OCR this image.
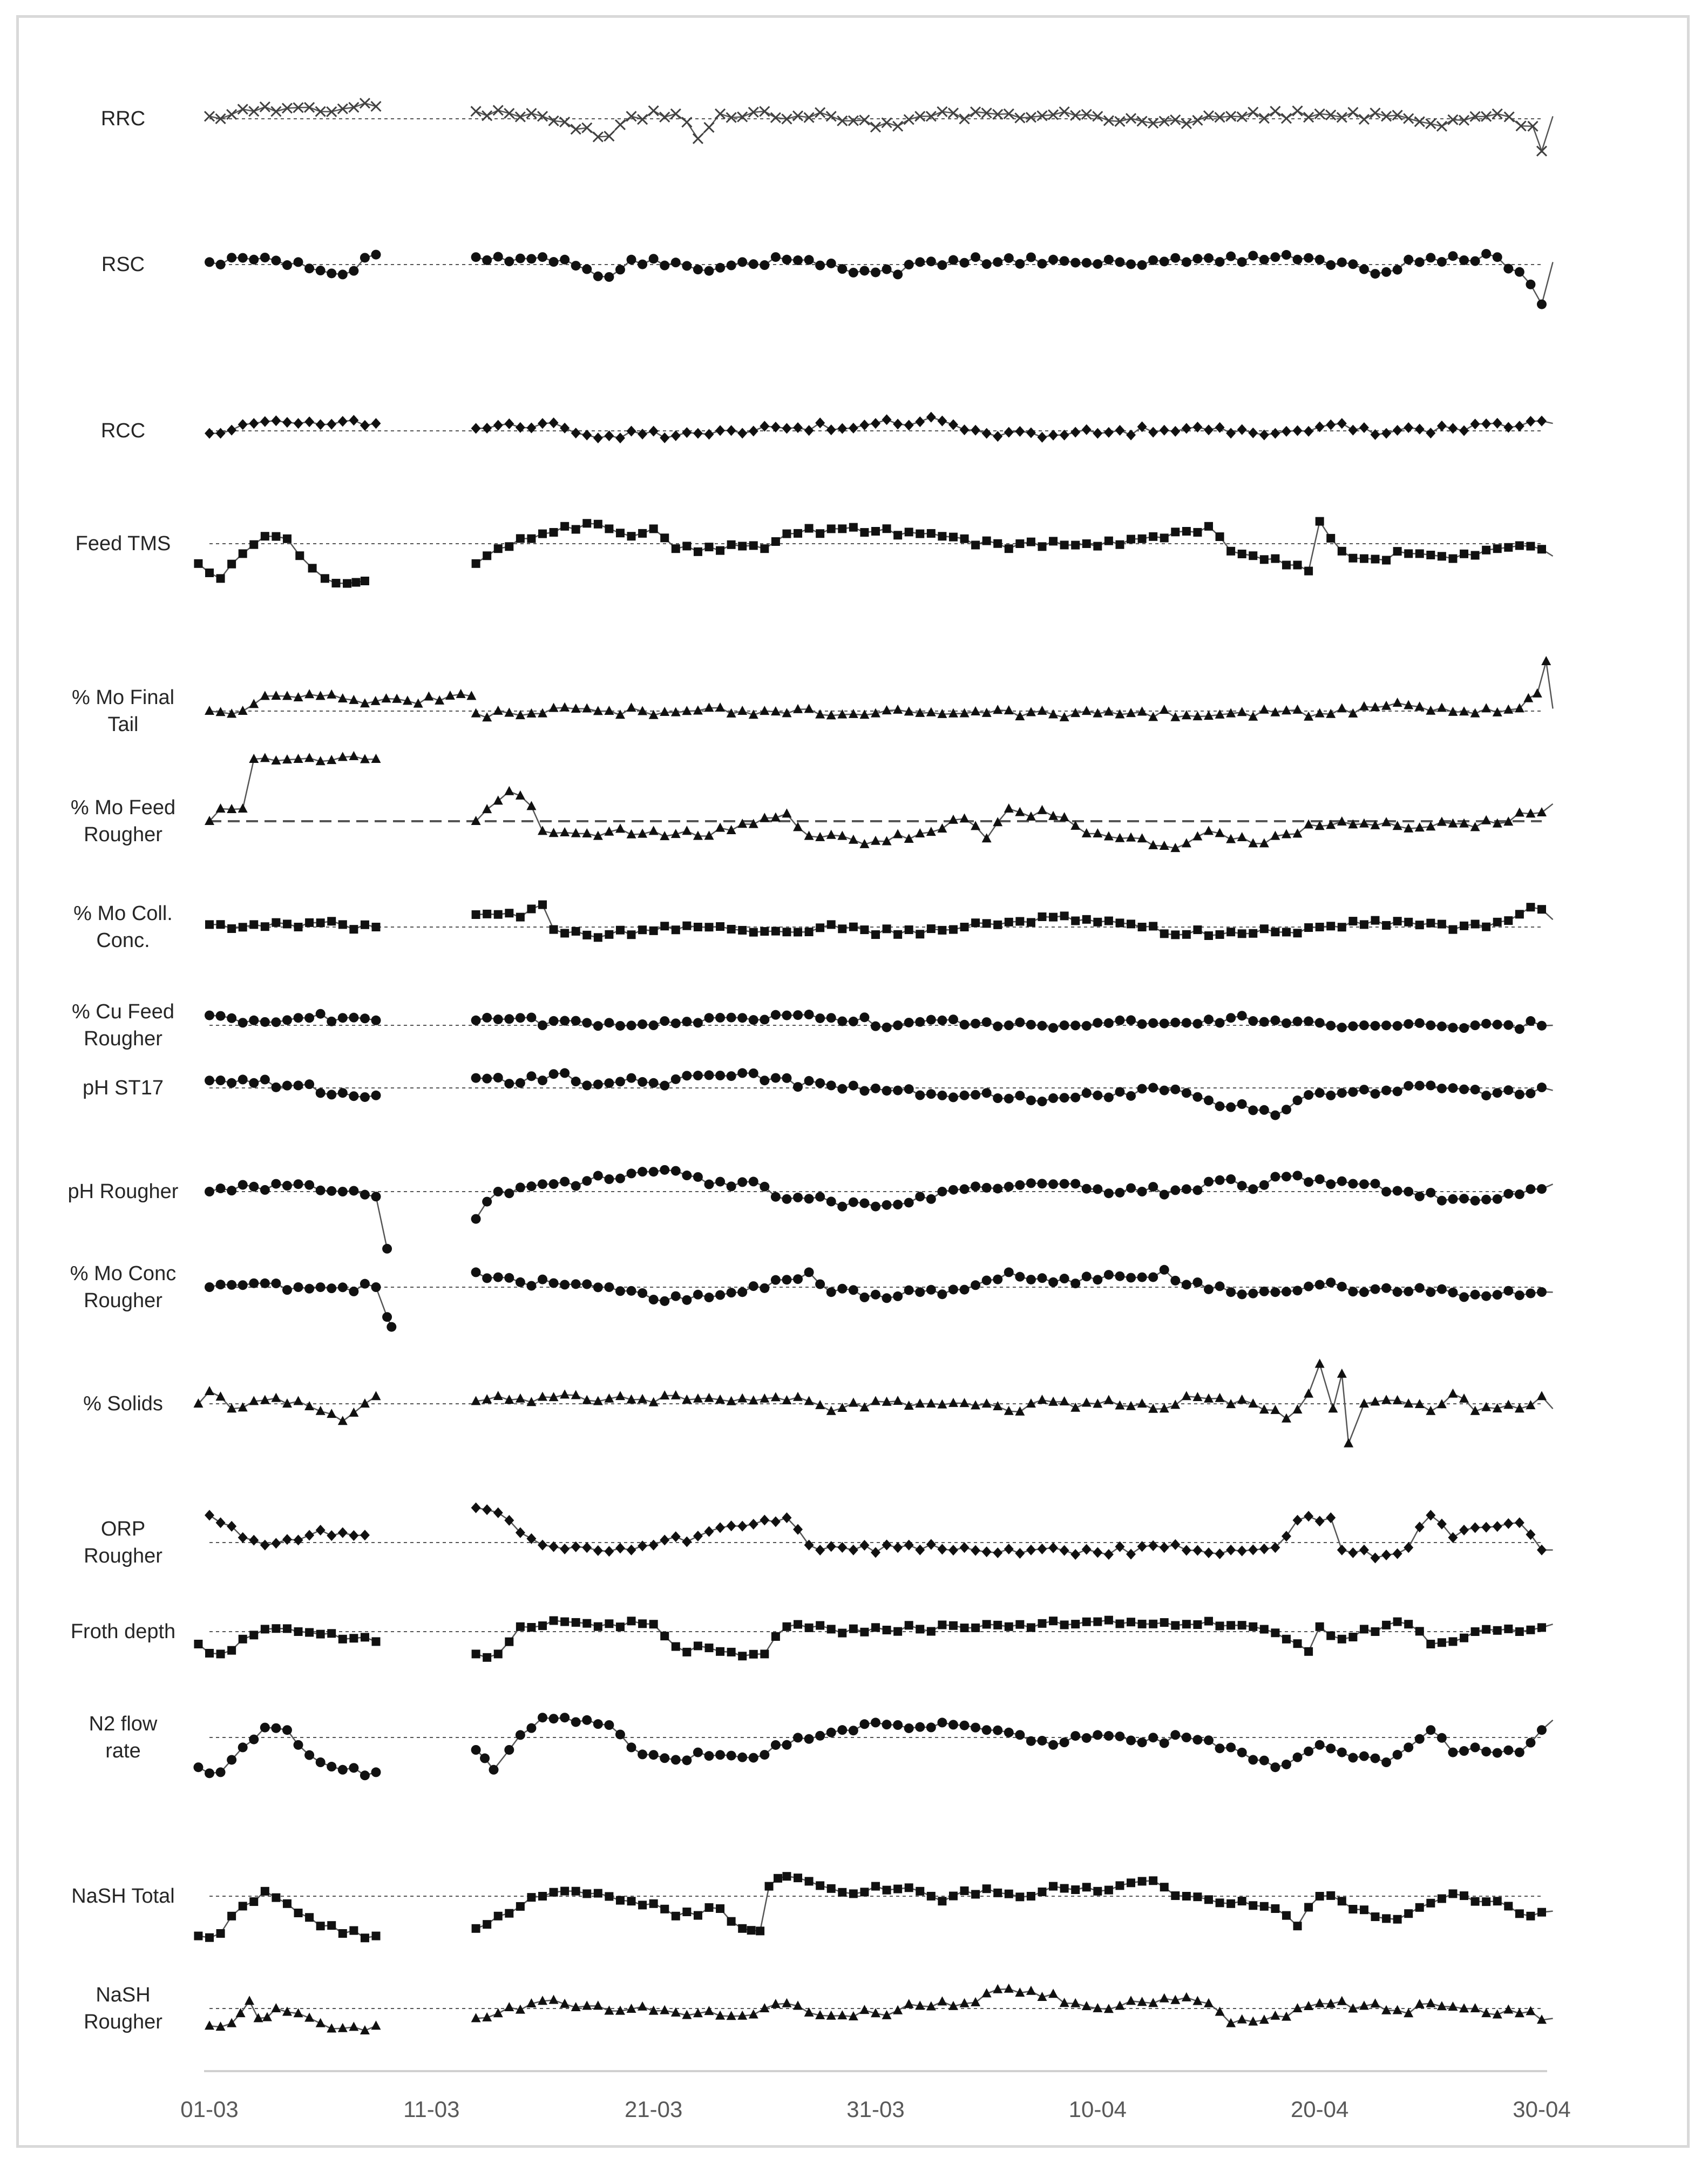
RRC
RSC
RCC
Feed TMS
% Mo Final
Tail
% Mo Feed
Rougher
% Mo Coll.
Conc.
% Cu Feed
Rougher
pH ST17
pH Rougher
% Mo Conc
Rougher
% Solids
ORP
Rougher
Froth depth
N2 flow
rate
NaSH Total
NaSH
Rougher
01-03	11-03	21-03	31-03	10-04	20-04	30-04
